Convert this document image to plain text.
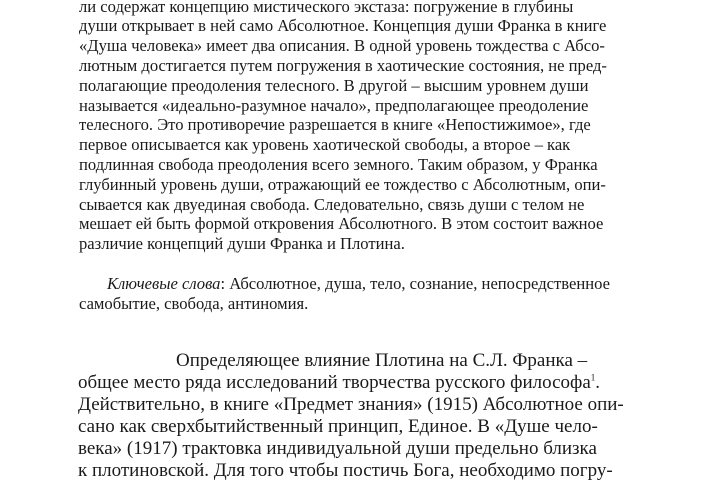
ли содержат концепцию мистического экстаза: погружение в глубины

души открывает в ней само Абсолютное. Концепция души Франка в книге

«Душа человека» имеет два описания. В одной уровень тождества с Абсо-

лютным достигается путем погружения в хаотические состояния, не пред-

полагающие преодоления телесного. В другой – высшим уровнем души

называется «идеально-разумное начало», предполагающее преодоление

телесного. Это противоречие разрешается в книге «Непостижимое», где

первое описывается как уровень хаотической свободы, а второе – как

подлинная свобода преодоления всего земного. Таким образом, у Франка

глубинный уровень души, отражающий ее тождество с Абсолютным, опи-

сывается как двуединая свобода. Следовательно, связь души с телом не

мешает ей быть формой откровения Абсолютного. В этом состоит важное

различие концепций души Франка и Плотина.

Ключевые слова: Абсолютное, душа, тело, сознание, непосредственное

самобытие, свобода, антиномия.

Определяющее влияние Плотина на С.Л. Франка –

общее место ряда исследований творчества русского философа$^1$.

Действительно, в книге «Предмет знания» (1915) Абсолютное опи-

сано как сверхбытийственный принцип, Единое. В «Душе чело-

века» (1917) трактовка индивидуальной души предельно близка

к плотиновской. Для того чтобы постичь Бога, необходимо погру-
